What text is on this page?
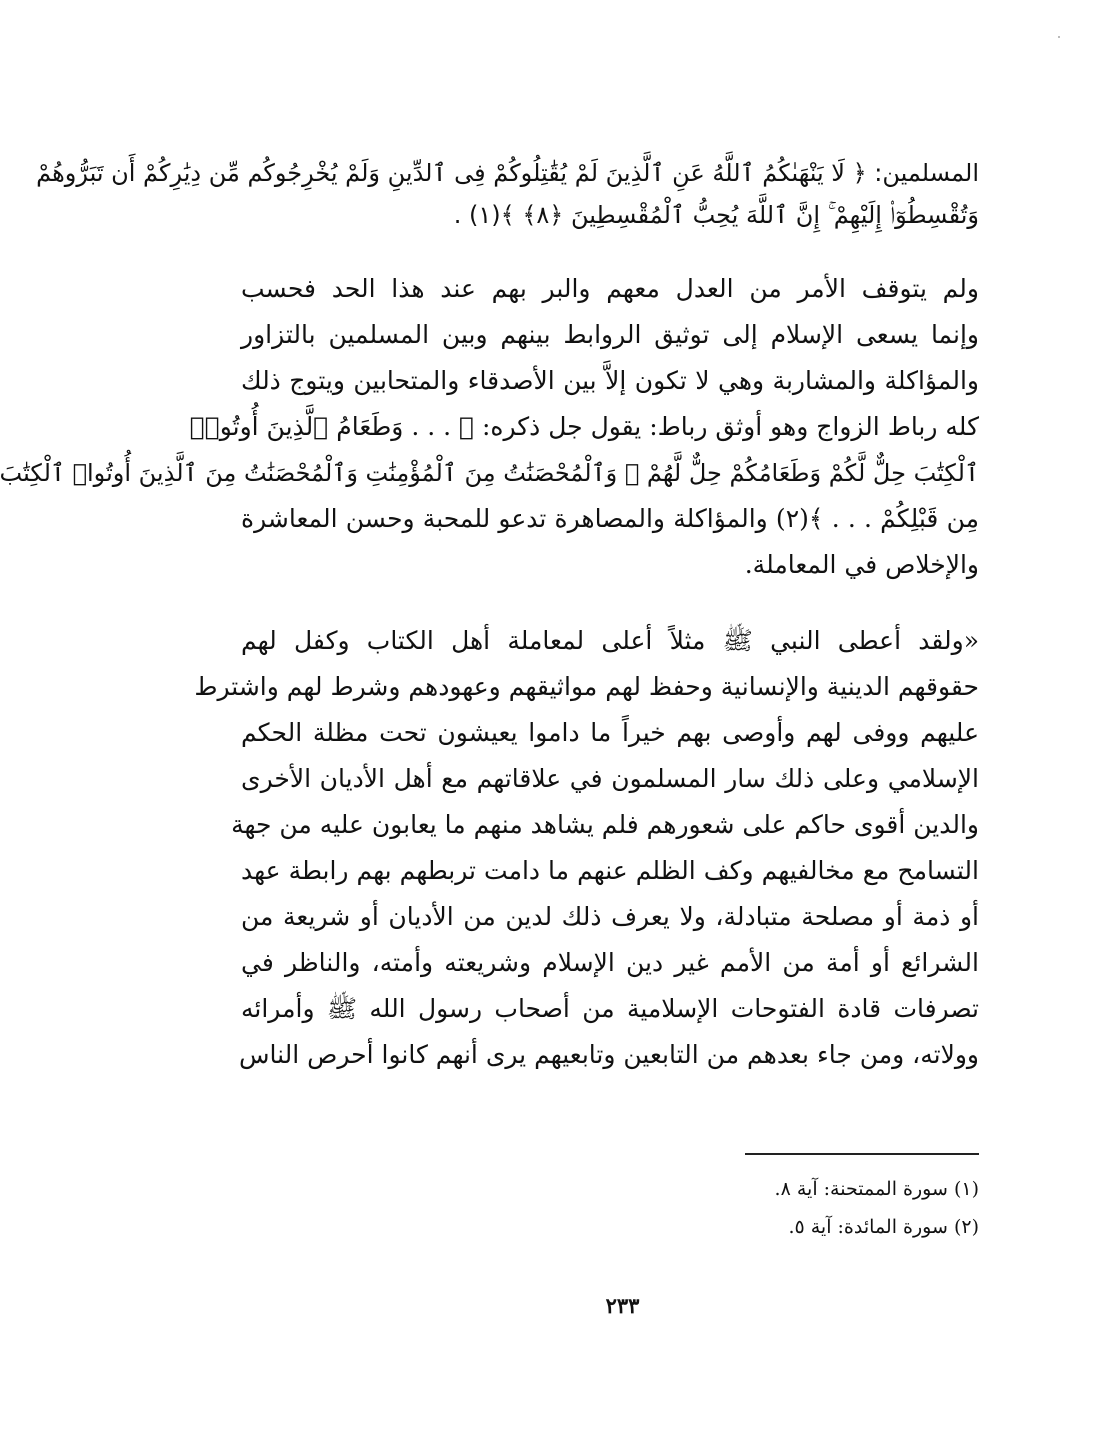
المسلمين: ﴿ لَا يَنْهَىٰكُمُ ٱللَّهُ عَنِ ٱلَّذِينَ لَمْ يُقَٰتِلُوكُمْ فِى ٱلدِّينِ وَلَمْ يُخْرِجُوكُم مِّن دِيَٰرِكُمْ أَن تَبَرُّوهُمْ
وَتُقْسِطُوٓا۟ إِلَيْهِمْ ۚ إِنَّ ٱللَّهَ يُحِبُّ ٱلْمُقْسِطِينَ ﴿٨﴾ ﴾(١) .
ولم يتوقف الأمر من العدل معهم والبر بهم عند هذا الحد فحسب
وإنما يسعى الإسلام إلى توثيق الروابط بينهم وبين المسلمين بالتزاور
والمؤاكلة والمشاربة وهي لا تكون إلاَّ بين الأصدقاء والمتحابين ويتوج ذلك
كله رباط الزواج وهو أوثق رباط: يقول جل ذكره: ﴿ . . . وَطَعَامُ ٱلَّذِينَ أُوتُوا۟
ٱلْكِتَٰبَ حِلٌّ لَّكُمْ وَطَعَامُكُمْ حِلٌّ لَّهُمْ ۖ وَٱلْمُحْصَنَٰتُ مِنَ ٱلْمُؤْمِنَٰتِ وَٱلْمُحْصَنَٰتُ مِنَ ٱلَّذِينَ أُوتُوا۟ ٱلْكِتَٰبَ
مِن قَبْلِكُمْ . . . ﴾(٢) والمؤاكلة والمصاهرة تدعو للمحبة وحسن المعاشرة
والإخلاص في المعاملة.
«ولقد أعطى النبي ﷺ مثلاً أعلى لمعاملة أهل الكتاب وكفل لهم
حقوقهم الدينية والإنسانية وحفظ لهم مواثيقهم وعهودهم وشرط لهم واشترط
عليهم ووفى لهم وأوصى بهم خيراً ما داموا يعيشون تحت مظلة الحكم
الإسلامي وعلى ذلك سار المسلمون في علاقاتهم مع أهل الأديان الأخرى
والدين أقوى حاكم على شعورهم فلم يشاهد منهم ما يعابون عليه من جهة
التسامح مع مخالفيهم وكف الظلم عنهم ما دامت تربطهم بهم رابطة عهد
أو ذمة أو مصلحة متبادلة، ولا يعرف ذلك لدين من الأديان أو شريعة من
الشرائع أو أمة من الأمم غير دين الإسلام وشريعته وأمته، والناظر في
تصرفات قادة الفتوحات الإسلامية من أصحاب رسول الله ﷺ وأمرائه
وولاته، ومن جاء بعدهم من التابعين وتابعيهم يرى أنهم كانوا أحرص الناس
(١) سورة الممتحنة: آية ٨.
(٢) سورة المائدة: آية ٥.
٢٣٣
